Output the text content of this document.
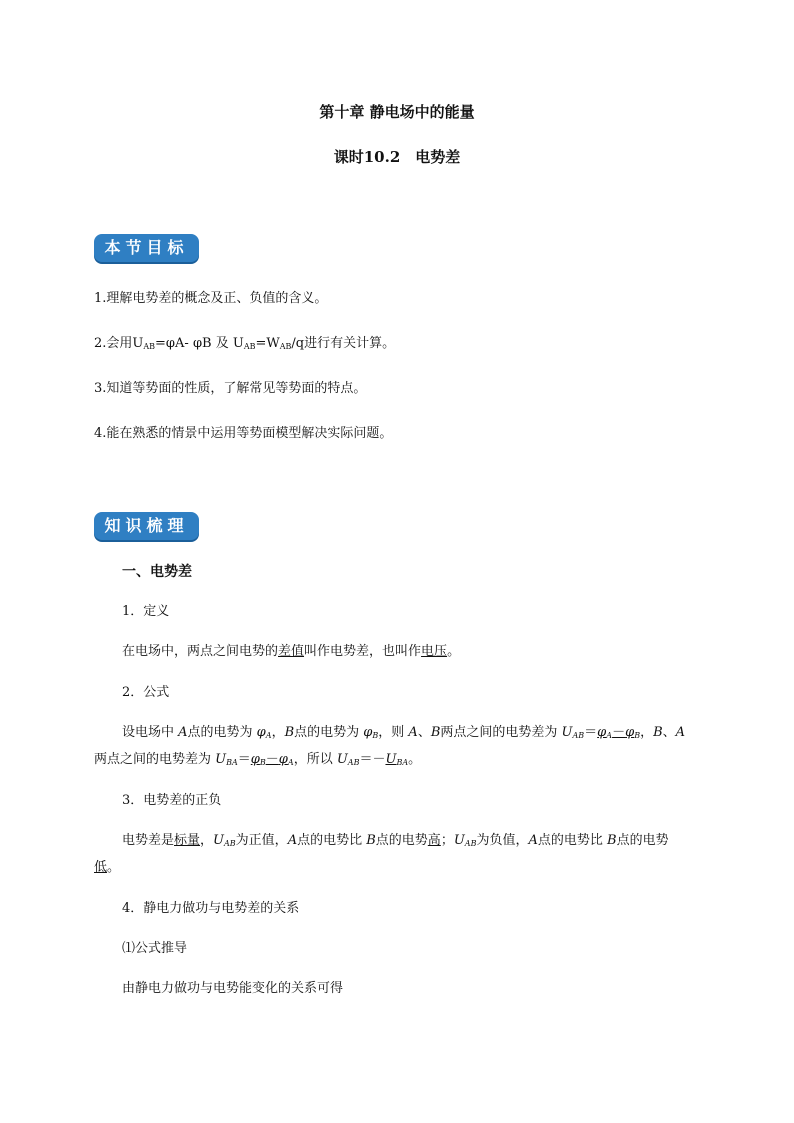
第十章 静电场中的能量
课时10.2　电势差
本节目标
1.理解电势差的概念及正、负值的含义。
2.会用$U_{AB}=\varphi A-$ φB 及 $U_{AB}=W_{AB}/q$进行有关计算。
3.知道等势面的性质，了解常见等势面的特点。
4.能在熟悉的情景中运用等势面模型解决实际问题。
知识梳理
一、电势差
1．定义
在电场中，两点之间电势的差值叫作电势差，也叫作电压。
2．公式
设电场中 A点的电势为 $\varphi_A$，B点的电势为 $\varphi_B$，则 A、B两点之间的电势差为 $U_{AB}=\varphi_A-\varphi_B$，B、A
两点之间的电势差为 $U_{BA}=\varphi_B-\varphi_A$，所以 $U_{AB}=-U_{BA}$。
3．电势差的正负
电势差是标量，$U_{AB}$为正值，A点的电势比 B点的电势高；$U_{AB}$为负值，A点的电势比 B点的电势
低。
4．静电力做功与电势差的关系
⑴公式推导
由静电力做功与电势能变化的关系可得
